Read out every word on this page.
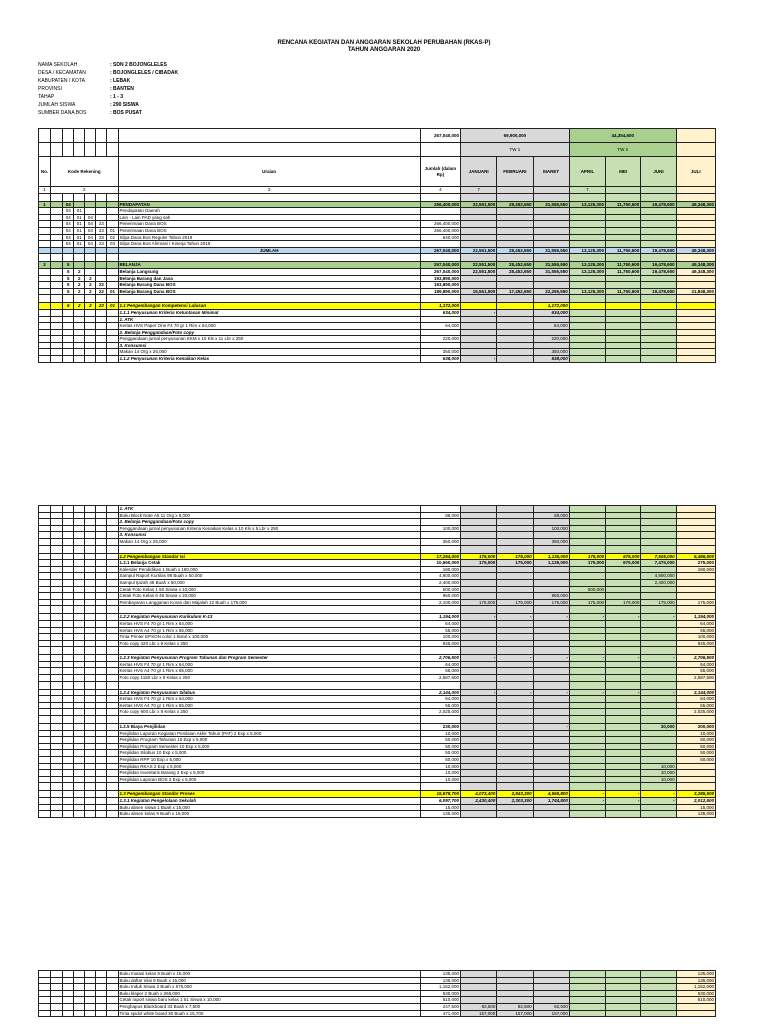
RENCANA KEGIATAN DAN ANGGARAN SEKOLAH PERUBAHAN (RKAS-P)
TAHUN ANGGARAN 2020
NAMA SEKOLAH	: SDN 2 BOJONGLELES
DESA / KECAMATAN	: BOJONGLELES / CIBADAK
KABUPATEN / KOTA	: LEBAK
PROVINSI	: BANTEN
TAHAP	: 1 - 3
JUMLAH SISWA	: 290 SISWA
SUMBER DANA BOS	: BOS PUSAT
								267,040,000	69,900,000			44,354,600			
									TW 1			TW 2			
No.	Kode Rekening						Uraian	Jumlah (dalam Rp)	JANUARI	FEBRUARI	MARET	APRIL	MEI	JUNI	JULI
1	2						3	4	7			7			

1		04					PENDAPATAN	266,400,000	22,551,500	28,452,650	31,555,550	13,125,300	11,750,600	19,478,600	49,348,300
		04	01				Pendapatan Daerah								
		04	01	04			Lain - Lain PAD yang sah								
		04	01	04	23		Penerimaan Dana BOS	266,400,000							
		04	01	04	23	01	Penerimaan Dana BOS	266,400,000							
		04	01	04	23	02	Silpa Dana Bos Reguler Tahun 2019	640,000							
		04	01	04	23	03	Silpa Dana Bos Afirmasi / Kinerja Tahun 2019								
							JUMLAH	267,040,000	22,551,500	28,452,650	31,555,550	13,125,300	11,750,600	19,478,600	49,348,300

2		5					BELANJA	267,040,000	22,551,500	28,452,650	31,555,550	13,125,300	11,750,600	19,478,600	49,348,300
		5	2				Belanja Langsung	267,040,000	22,551,500	28,452,650	31,555,550	13,125,300	11,750,600	19,478,600	49,348,300
		5	2	2			Belanja Barang dan Jasa	193,890,000							
		5	2	2	22		Belanja Barang Dana BOS	193,890,000							
		5	2	2	22	01	Belanja Barang Dana BOS	189,890,000	15,551,500	17,452,650	22,255,550	13,125,300	11,750,600	19,478,600	21,848,300

		5	2	2	22	01	1.1 Pengembangan Kompetensi Lulusan	1,172,000			1,172,000				
							1.1.1 Penyusunan Kriteria Ketuntasan Minimal	634,000	-		634,000				
							1. ATK								
							Kertas HVS Paper One F4 70 gr 1 Rim x 64,000	64,000			64,000				
							2. Belanja Penggandaan/Foto copy								
							Penggandaan jurnal penyusunan KKM x 10 Kls x 11 Lbr x 250	220,000			220,000				
							3. Konsumsi								
							Makan 14 Org x 25,000	350,000			350,000				
							1.1.2 Penyusunan Kriteria Kenaikan Kelas	538,000	-		538,000				
							1. ATK								
							Buku Block Note A5 11 Org x 8,000	88,000			88,000				
							2. Belanja Penggandaan/Foto copy								
							Penggandaan jurnal penyusunan Kriteria Kenaikan Kelas x 10 Kls x 5 Lbr x 250	100,000			100,000				
							3. Konsumsi								
							Makan 14 Org x 25,000	350,000			350,000				

							1.2 Pengembangan Standar Isi	17,254,000	175,000	175,000	1,135,000	175,000	675,000	7,505,000	5,486,500
							1.2.1 Belanja Cetak	10,660,000	175,000	175,000	1,135,000	175,000	675,000	7,475,000	275,000
							Kalender Pendidikan 1 Buah x 180,000	180,000							180,000
							Sampul Raport Kurtilas 98 Buah x 50,000	4,900,000						4,900,000	
							Sampul Ijazah 48 Buah x 50,000	2,400,000						2,400,000	
							Cetak Foto Kelas 1 50 Siswa x 10,000	500,000				500,000			
							Cetak Foto Kelas 6 48 Siswa x 20,000	960,000			960,000				
							Pembayaran Langganan Koran dan Majalah 12 Buah x 175,000	2,100,000	175,000	175,000	175,000	175,000	175,000	175,000	175,000

							1.2.2 Kegiatan Penyusunan Kurikulum K-13	1,194,000	-	-	-	-	-	-	1,194,000
							Kertas HVS F4 70 gr 1 Rim x 64,000	64,000							64,000
							Kertas HVS A4 70 gr 1 Rim x 55,000	55,000							55,000
							Tinta Printer EPSON color 1 Botol x 100,000	100,000							100,000
							Foto copy 420 Lbr x 9 Kelas x 250	945,000							945,000

							1.2.3 Kegiatan Penyusunan Program Tahunan dan Program Semester	2,706,500	-	-	-	-	-	-	2,706,500
							Kertas HVS F4 70 gr 1 Rim x 64,000	64,000							64,000
							Kertas HVS A4 70 gr 1 Rim x 55,000	55,000							55,000
							Foto copy 1150 Lbr x 9 Kelas x 250	2,587,500							2,587,500

							1.2.4 Kegiatan Penyusunan Silabus	2,144,000	-	-	-	-	-	-	2,144,000
							Kertas HVS F4 70 gr 1 Rim x 64,000	64,000							64,000
							Kertas HVS A4 70 gr 1 Rim x 55,000	55,000							55,000
							Foto copy 900 Lbr x 9 Kelas x 250	2,025,000							2,025,000

							1.2.5 Biaya Penjilidan	230,000			-			30,000	200,000
							Penjilidan Laporan Kegiatan Penilaian Akhir Tahun (PAT) 2 Exp x 5,000	10,000							10,000
							Penjilidan Program Tahunan 10 Exp x 5,000	50,000							50,000
							Penjilidan Program Semester 10 Exp x 5,000	50,000							50,000
							Penjilidan Silabus 10 Exp x 5,000	50,000							50,000
							Penjilidan RPP 10 Exp x 5,000	50,000							50,000
							Penjilidan RKAS 2 Exp x 5,000	10,000						10,000	
							Penjilidan Inventaris Barang 2 Exp x 5,000	10,000						10,000	
							Penjilidan Laporan BOS 2 Exp x 5,000	10,000						10,000	

							1.3 Pengembangan Standar Proses	15,678,700	4,073,400	2,843,300	4,565,800	-	-	-	3,285,500
							1.3.1 Kegiatan Pengelolaan Sekolah	6,097,700	2,430,400	2,303,300	1,744,800	-	-	-	2,012,500
							Buku absen siswa 1 Buah x 15,000	15,000							15,000
							Buku absen kelas 9 Buah x 15,000	135,000							135,000
							Buku mutasi kelas 9 Buah x 15,000	135,000							135,000
							Buku daftar nilai 9 Buah x 15,000	135,000							135,000
							Buku Induk Siswa 2 Buah x 576,000	1,152,000							1,152,000
							Buku klaper 2 Buah x 265,000	530,000							530,000
							Cetak raport siswa baru kelas 1 51 Siswa x 10,000	510,000							510,000
							Penghapus Blackboard 33 Buah x 7,500	247,500	82,500	82,500	82,500				
							Tinta spidol white board 30 Buah x 15,700	471,000	157,000	157,000	157,000				
